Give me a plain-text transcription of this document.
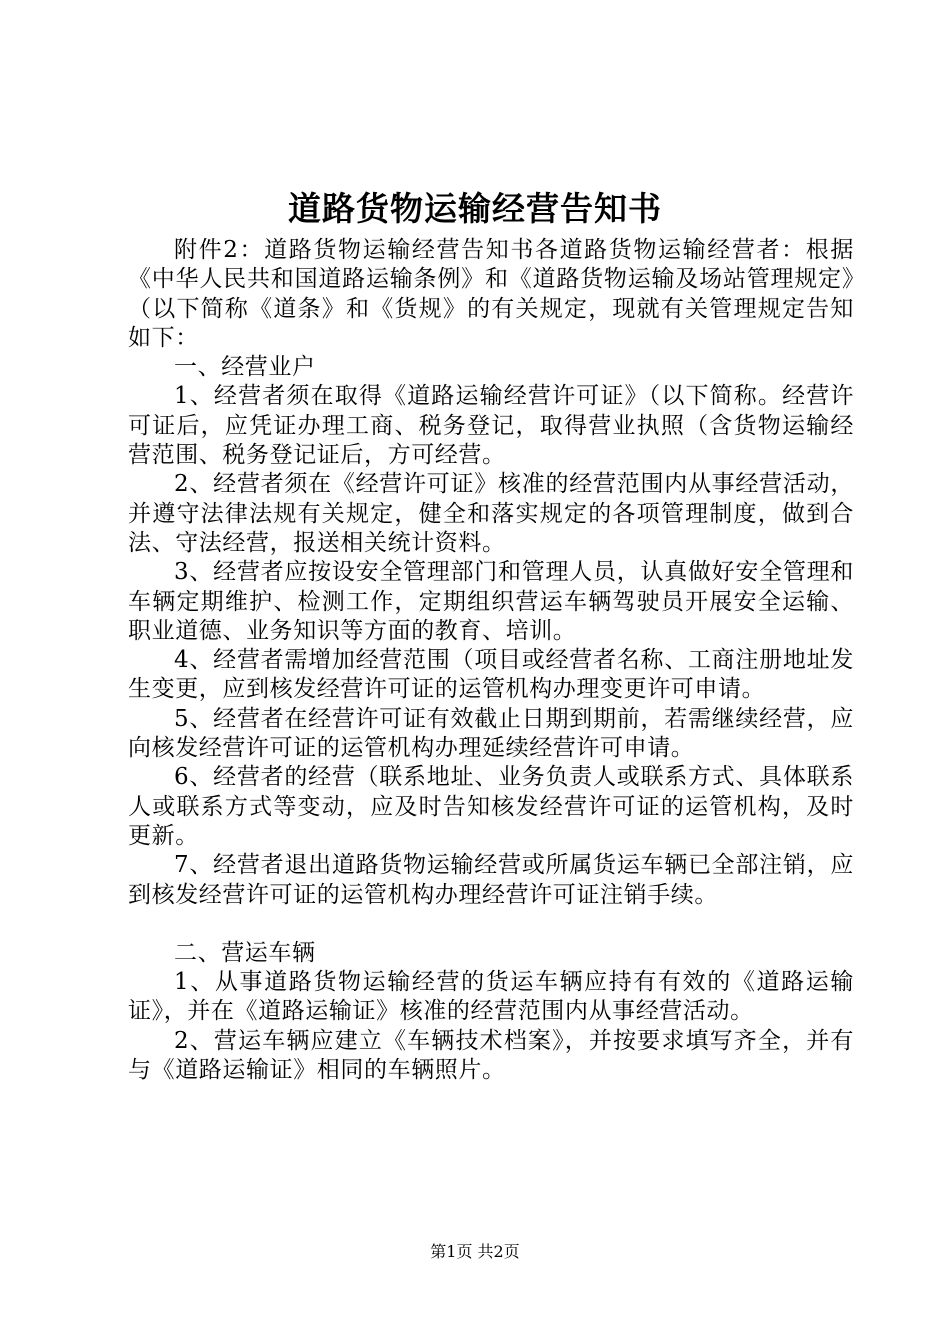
道路货物运输经营告知书

附件2：道路货物运输经营告知书各道路货物运输经营者：根据《中华人民共和国道路运输条例》和《道路货物运输及场站管理规定》（以下简称《道条》和《货规》的有关规定，现就有关管理规定告知如下：

一、经营业户

1、经营者须在取得《道路运输经营许可证》（以下简称。经营许可证后，应凭证办理工商、税务登记，取得营业执照（含货物运输经营范围、税务登记证后，方可经营。

2、经营者须在《经营许可证》核准的经营范围内从事经营活动，并遵守法律法规有关规定，健全和落实规定的各项管理制度，做到合法、守法经营，报送相关统计资料。

3、经营者应按设安全管理部门和管理人员，认真做好安全管理和车辆定期维护、检测工作，定期组织营运车辆驾驶员开展安全运输、职业道德、业务知识等方面的教育、培训。

4、经营者需增加经营范围（项目或经营者名称、工商注册地址发生变更，应到核发经营许可证的运管机构办理变更许可申请。

5、经营者在经营许可证有效截止日期到期前，若需继续经营，应向核发经营许可证的运管机构办理延续经营许可申请。

6、经营者的经营（联系地址、业务负责人或联系方式、具体联系人或联系方式等变动，应及时告知核发经营许可证的运管机构，及时更新。

7、经营者退出道路货物运输经营或所属货运车辆已全部注销，应到核发经营许可证的运管机构办理经营许可证注销手续。

二、营运车辆

1、从事道路货物运输经营的货运车辆应持有有效的《道路运输证》，并在《道路运输证》核准的经营范围内从事经营活动。

2、营运车辆应建立《车辆技术档案》，并按要求填写齐全，并有与《道路运输证》相同的车辆照片。

第1页 共2页
